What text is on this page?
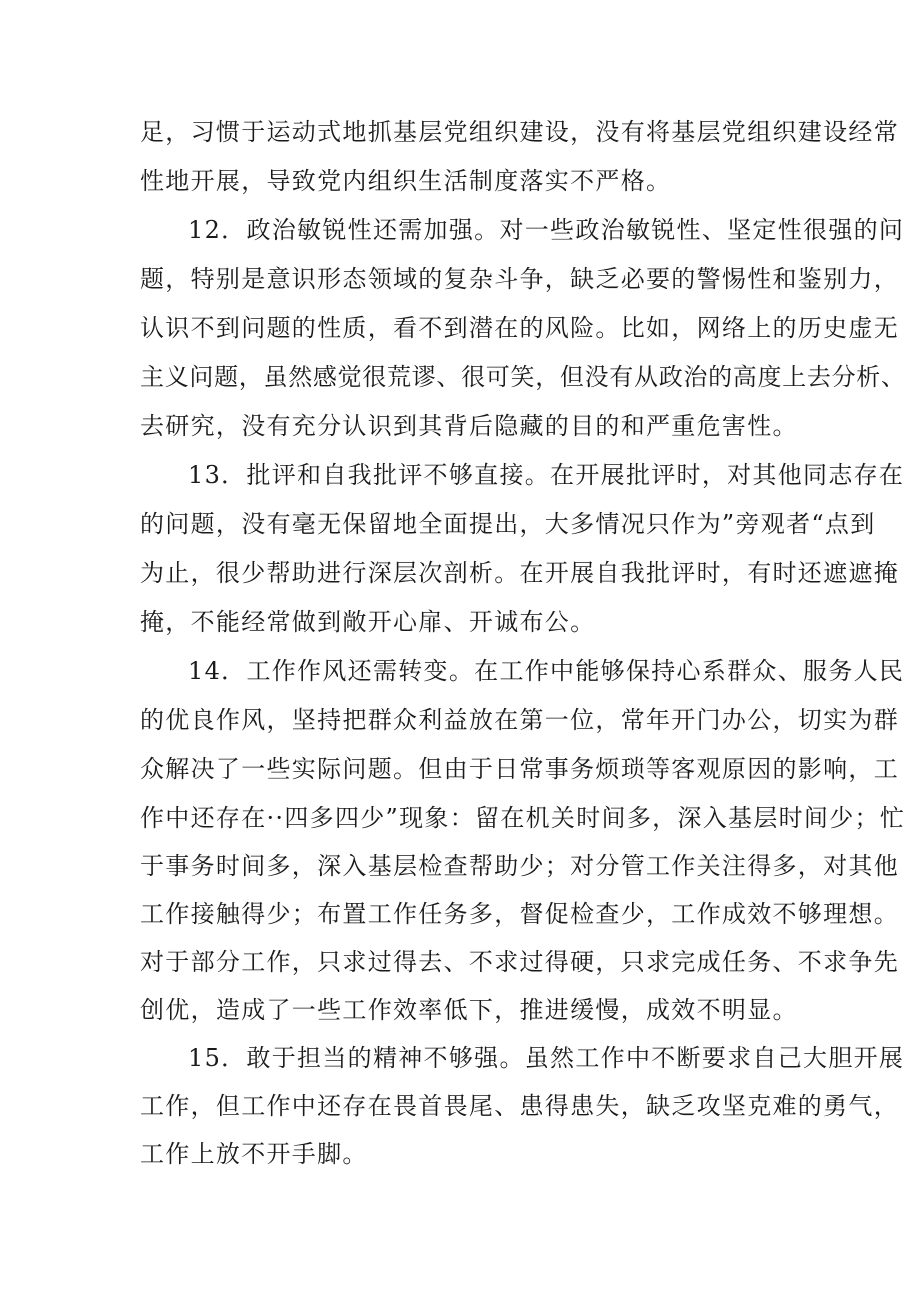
足，习惯于运动式地抓基层党组织建设，没有将基层党组织建设经常
性地开展，导致党内组织生活制度落实不严格。
12．政治敏锐性还需加强。对一些政治敏锐性、坚定性很强的问
题，特别是意识形态领域的复杂斗争，缺乏必要的警惕性和鉴别力，
认识不到问题的性质，看不到潜在的风险。比如，网络上的历史虚无
主义问题，虽然感觉很荒谬、很可笑，但没有从政治的高度上去分析、
去研究，没有充分认识到其背后隐藏的目的和严重危害性。
13．批评和自我批评不够直接。在开展批评时，对其他同志存在
的问题，没有毫无保留地全面提出，大多情况只作为”旁观者“点到
为止，很少帮助进行深层次剖析。在开展自我批评时，有时还遮遮掩
掩，不能经常做到敞开心扉、开诚布公。
14．工作作风还需转变。在工作中能够保持心系群众、服务人民
的优良作风，坚持把群众利益放在第一位，常年开门办公，切实为群
众解决了一些实际问题。但由于日常事务烦琐等客观原因的影响，工
作中还存在··四多四少”现象：留在机关时间多，深入基层时间少；忙
于事务时间多，深入基层检查帮助少；对分管工作关注得多，对其他
工作接触得少；布置工作任务多，督促检查少，工作成效不够理想。
对于部分工作，只求过得去、不求过得硬，只求完成任务、不求争先
创优，造成了一些工作效率低下，推进缓慢，成效不明显。
15．敢于担当的精神不够强。虽然工作中不断要求自己大胆开展
工作，但工作中还存在畏首畏尾、患得患失，缺乏攻坚克难的勇气，
工作上放不开手脚。
